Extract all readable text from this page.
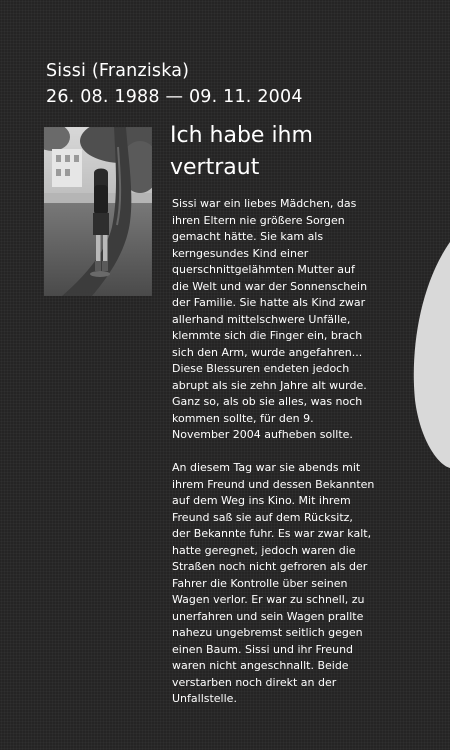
Sissi (Franziska)
26. 08. 1988 — 09. 11. 2004
Ich habe ihm
vertraut

Sissi war ein liebes Mädchen, das
ihren Eltern nie größere Sorgen
gemacht hätte. Sie kam als
kerngesundes Kind einer
querschnittgelähmten Mutter auf
die Welt und war der Sonnenschein
der Familie. Sie hatte als Kind zwar
allerhand mittelschwere Unfälle,
klemmte sich die Finger ein, brach
sich den Arm, wurde angefahren...
Diese Blessuren endeten jedoch
abrupt als sie zehn Jahre alt wurde.
Ganz so, als ob sie alles, was noch
kommen sollte, für den 9.
November 2004 aufheben sollte.

An diesem Tag war sie abends mit
ihrem Freund und dessen Bekannten
auf dem Weg ins Kino. Mit ihrem
Freund saß sie auf dem Rücksitz,
der Bekannte fuhr. Es war zwar kalt,
hatte geregnet, jedoch waren die
Straßen noch nicht gefroren als der
Fahrer die Kontrolle über seinen
Wagen verlor. Er war zu schnell, zu
unerfahren und sein Wagen prallte
nahezu ungebremst seitlich gegen
einen Baum. Sissi und ihr Freund
waren nicht angeschnallt. Beide
verstarben noch direkt an der
Unfallstelle.
